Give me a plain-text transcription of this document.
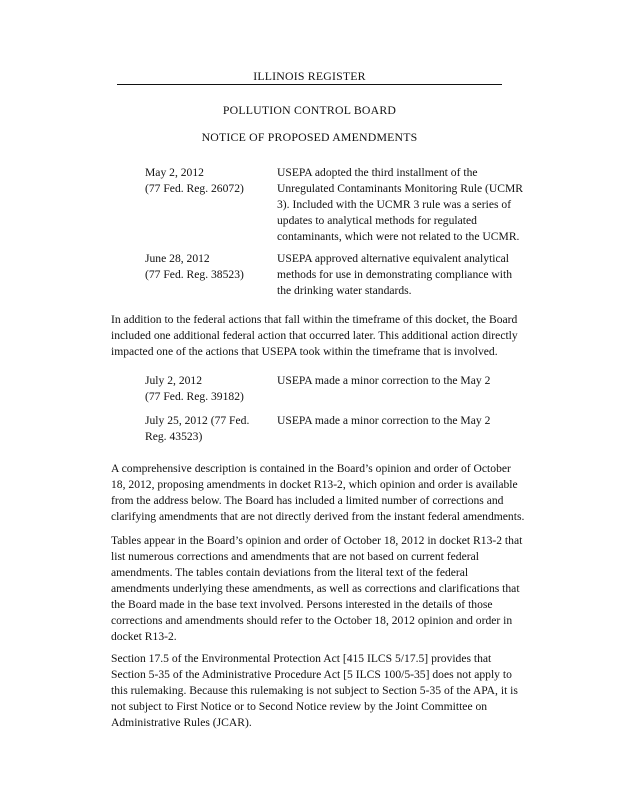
ILLINOIS REGISTER
POLLUTION CONTROL BOARD
NOTICE OF PROPOSED AMENDMENTS
May 2, 2012
(77 Fed. Reg. 26072)
USEPA adopted the third installment of the
Unregulated Contaminants Monitoring Rule (UCMR
3). Included with the UCMR 3 rule was a series of
updates to analytical methods for regulated
contaminants, which were not related to the UCMR.
June 28, 2012
(77 Fed. Reg. 38523)
USEPA approved alternative equivalent analytical
methods for use in demonstrating compliance with
the drinking water standards.
In addition to the federal actions that fall within the timeframe of this docket, the Board
included one additional federal action that occurred later. This additional action directly
impacted one of the actions that USEPA took within the timeframe that is involved.
July 2, 2012
(77 Fed. Reg. 39182)
USEPA made a minor correction to the May 2
July 25, 2012 (77 Fed.
Reg. 43523)
USEPA made a minor correction to the May 2
A comprehensive description is contained in the Board’s opinion and order of October
18, 2012, proposing amendments in docket R13-2, which opinion and order is available
from the address below. The Board has included a limited number of corrections and
clarifying amendments that are not directly derived from the instant federal amendments.
Tables appear in the Board’s opinion and order of October 18, 2012 in docket R13-2 that
list numerous corrections and amendments that are not based on current federal
amendments. The tables contain deviations from the literal text of the federal
amendments underlying these amendments, as well as corrections and clarifications that
the Board made in the base text involved. Persons interested in the details of those
corrections and amendments should refer to the October 18, 2012 opinion and order in
docket R13-2.
Section 17.5 of the Environmental Protection Act [415 ILCS 5/17.5] provides that
Section 5-35 of the Administrative Procedure Act [5 ILCS 100/5-35] does not apply to
this rulemaking. Because this rulemaking is not subject to Section 5-35 of the APA, it is
not subject to First Notice or to Second Notice review by the Joint Committee on
Administrative Rules (JCAR).
